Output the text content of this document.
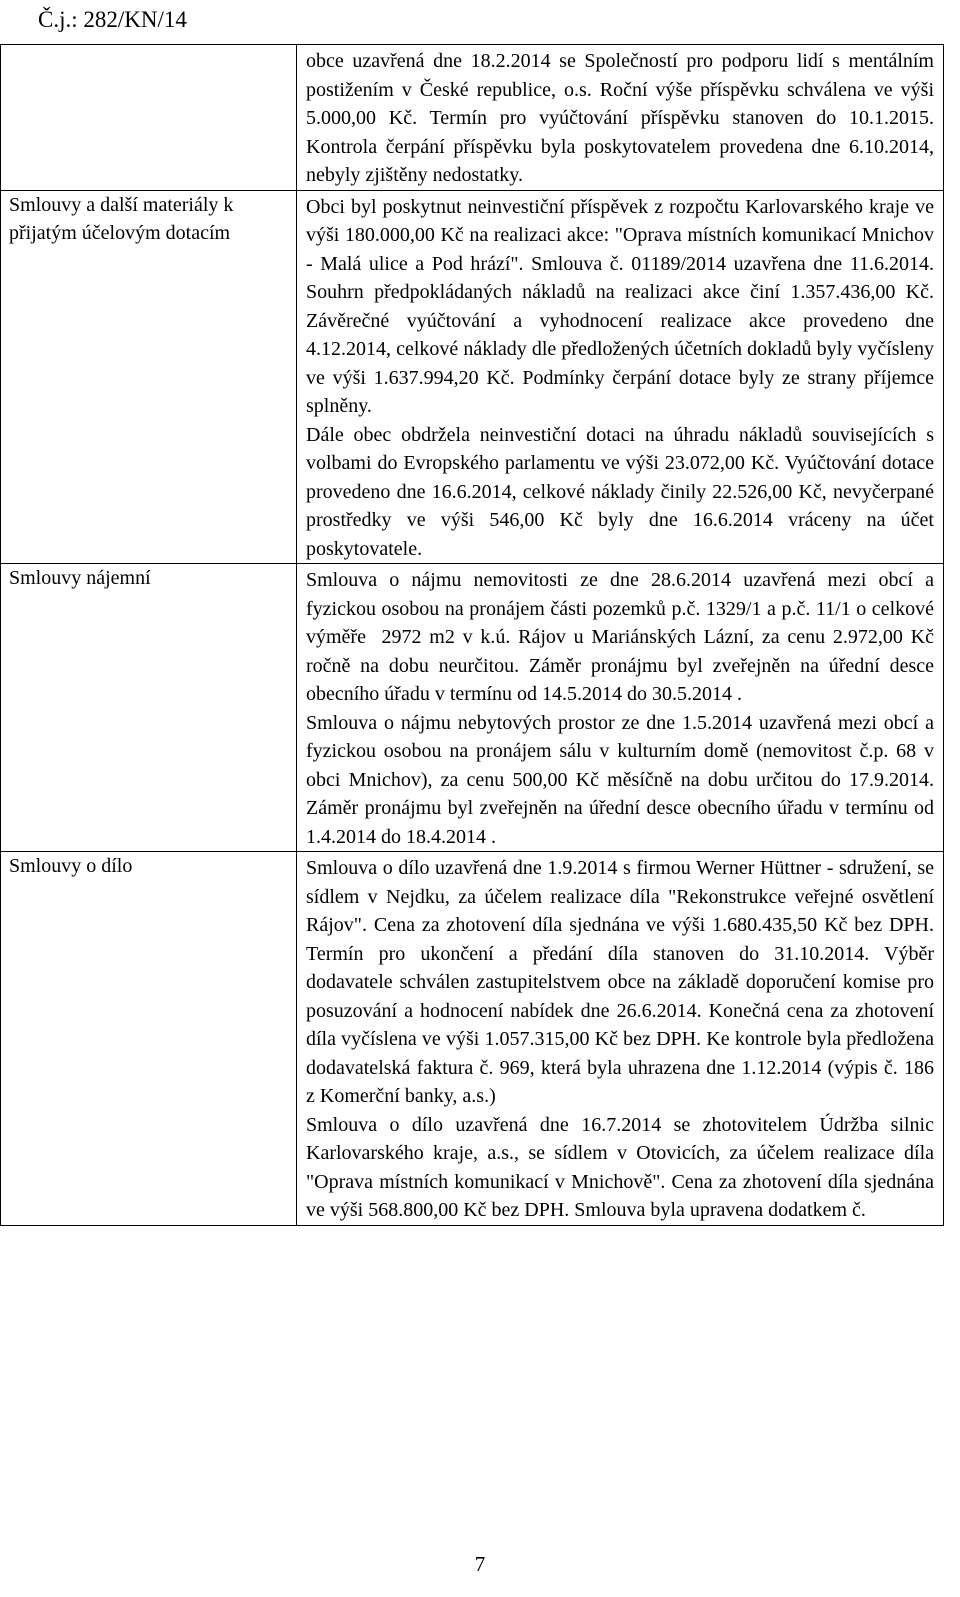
Č.j.: 282/KN/14

	obce uzavřená dne 18.2.2014 se Společností pro podporu lidí s mentálním postižením v České republice, o.s. Roční výše příspěvku schválena ve výši 5.000,00 Kč. Termín pro vyúčtování příspěvku stanoven do 10.1.2015. Kontrola čerpání příspěvku byla poskytovatelem provedena dne 6.10.2014, nebyly zjištěny nedostatky.

Smlouvy a další materiály k přijatým účelovým dotacím	Obci byl poskytnut neinvestiční příspěvek z rozpočtu Karlovarského kraje ve výši 180.000,00 Kč na realizaci akce: "Oprava místních komunikací Mnichov - Malá ulice a Pod hrází". Smlouva č. 01189/2014 uzavřena dne 11.6.2014. Souhrn předpokládaných nákladů na realizaci akce činí 1.357.436,00 Kč. Závěrečné vyúčtování a vyhodnocení realizace akce provedeno dne 4.12.2014, celkové náklady dle předložených účetních dokladů byly vyčísleny ve výši 1.637.994,20 Kč. Podmínky čerpání dotace byly ze strany příjemce splněny.

Dále obec obdržela neinvestiční dotaci na úhradu nákladů souvisejících s volbami do Evropského parlamentu ve výši 23.072,00 Kč. Vyúčtování dotace provedeno dne 16.6.2014, celkové náklady činily 22.526,00 Kč, nevyčerpané prostředky ve výši 546,00 Kč byly dne 16.6.2014 vráceny na účet poskytovatele.

Smlouvy nájemní	Smlouva o nájmu nemovitosti ze dne 28.6.2014 uzavřená mezi obcí a fyzickou osobou na pronájem části pozemků p.č. 1329/1 a p.č. 11/1 o celkové výměře  2972 m2 v k.ú. Rájov u Mariánských Lázní, za cenu 2.972,00 Kč ročně na dobu neurčitou. Záměr pronájmu byl zveřejněn na úřední desce obecního úřadu v termínu od 14.5.2014 do 30.5.2014 .

Smlouva o nájmu nebytových prostor ze dne 1.5.2014 uzavřená mezi obcí a fyzickou osobou na pronájem sálu v kulturním domě (nemovitost č.p. 68 v obci Mnichov), za cenu 500,00 Kč měsíčně na dobu určitou do 17.9.2014. Záměr pronájmu byl zveřejněn na úřední desce obecního úřadu v termínu od 1.4.2014 do 18.4.2014 .

Smlouvy o dílo	Smlouva o dílo uzavřená dne 1.9.2014 s firmou Werner Hüttner - sdružení, se sídlem v Nejdku, za účelem realizace díla "Rekonstrukce veřejné osvětlení Rájov". Cena za zhotovení díla sjednána ve výši 1.680.435,50 Kč bez DPH. Termín pro ukončení a předání díla stanoven do 31.10.2014. Výběr dodavatele schválen zastupitelstvem obce na základě doporučení komise pro posuzování a hodnocení nabídek dne 26.6.2014. Konečná cena za zhotovení díla vyčíslena ve výši 1.057.315,00 Kč bez DPH. Ke kontrole byla předložena dodavatelská faktura č. 969, která byla uhrazena dne 1.12.2014 (výpis č. 186 z Komerční banky, a.s.)

Smlouva o dílo uzavřená dne 16.7.2014 se zhotovitelem Údržba silnic Karlovarského kraje, a.s., se sídlem v Otovicích, za účelem realizace díla "Oprava místních komunikací v Mnichově". Cena za zhotovení díla sjednána ve výši 568.800,00 Kč bez DPH. Smlouva byla upravena dodatkem č.

7
